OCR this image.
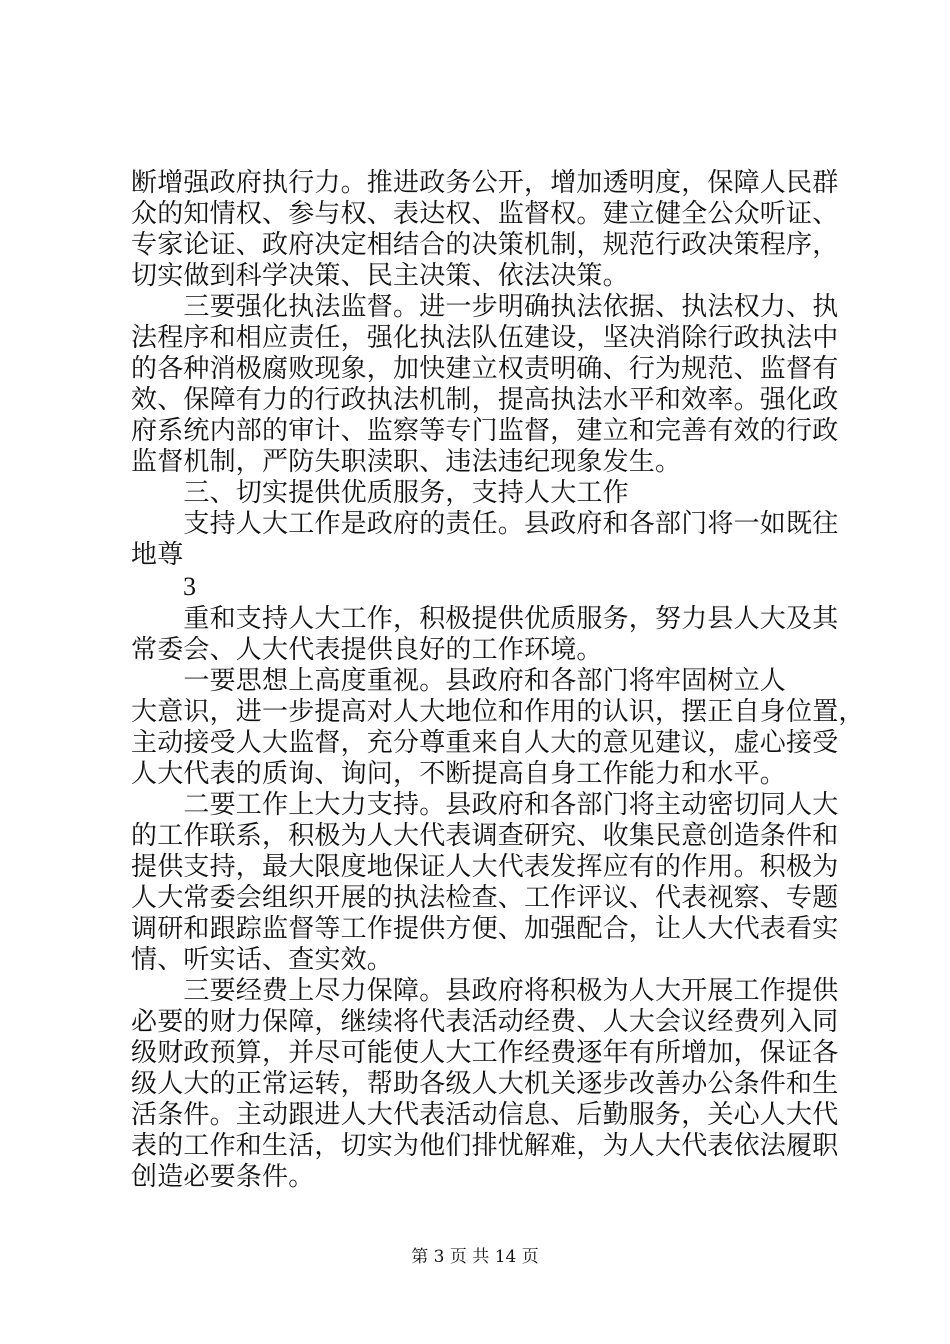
断增强政府执行力。推进政务公开，增加透明度，保障人民群
众的知情权、参与权、表达权、监督权。建立健全公众听证、
专家论证、政府决定相结合的决策机制，规范行政决策程序，
切实做到科学决策、民主决策、依法决策。
　　三要强化执法监督。进一步明确执法依据、执法权力、执
法程序和相应责任，强化执法队伍建设，坚决消除行政执法中
的各种消极腐败现象，加快建立权责明确、行为规范、监督有
效、保障有力的行政执法机制，提高执法水平和效率。强化政
府系统内部的审计、监察等专门监督，建立和完善有效的行政
监督机制，严防失职渎职、违法违纪现象发生。
　　三、切实提供优质服务，支持人大工作
　　支持人大工作是政府的责任。县政府和各部门将一如既往
地尊
3
　　重和支持人大工作，积极提供优质服务，努力县人大及其
常委会、人大代表提供良好的工作环境。
　　一要思想上高度重视。县政府和各部门将牢固树立人
大意识，进一步提高对人大地位和作用的认识，摆正自身位置，
主动接受人大监督，充分尊重来自人大的意见建议，虚心接受
人大代表的质询、询问，不断提高自身工作能力和水平。
　　二要工作上大力支持。县政府和各部门将主动密切同人大
的工作联系，积极为人大代表调查研究、收集民意创造条件和
提供支持，最大限度地保证人大代表发挥应有的作用。积极为
人大常委会组织开展的执法检查、工作评议、代表视察、专题
调研和跟踪监督等工作提供方便、加强配合，让人大代表看实
情、听实话、查实效。
　　三要经费上尽力保障。县政府将积极为人大开展工作提供
必要的财力保障，继续将代表活动经费、人大会议经费列入同
级财政预算，并尽可能使人大工作经费逐年有所增加，保证各
级人大的正常运转，帮助各级人大机关逐步改善办公条件和生
活条件。主动跟进人大代表活动信息、后勤服务，关心人大代
表的工作和生活，切实为他们排忧解难，为人大代表依法履职
创造必要条件。
第 3 页 共 14 页
